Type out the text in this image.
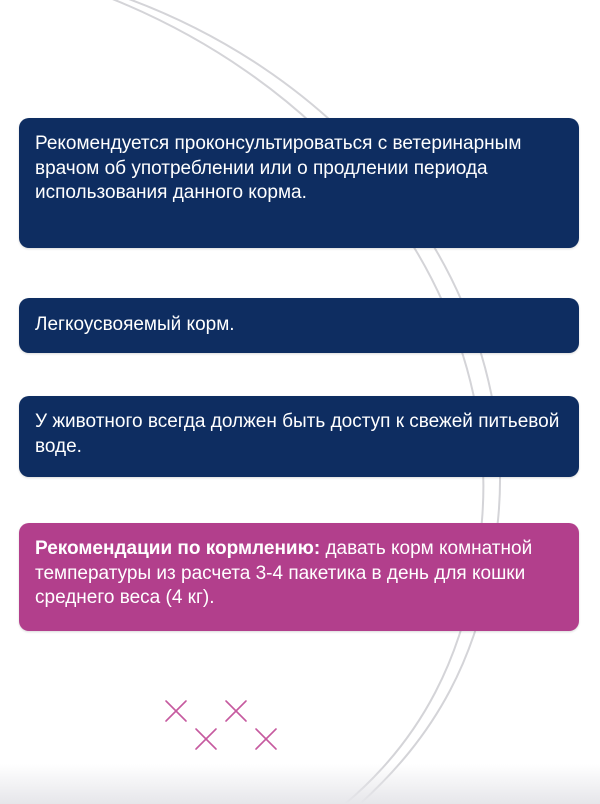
Рекомендуется проконсультироваться с ветеринарным врачом об употреблении или о продлении периода использования данного корма.
Легкоусвояемый корм.
У животного всегда должен быть доступ к свежей питьевой воде.
Рекомендации по кормлению: давать корм комнатной температуры из расчета 3-4 пакетика в день для кошки среднего веса (4 кг).
